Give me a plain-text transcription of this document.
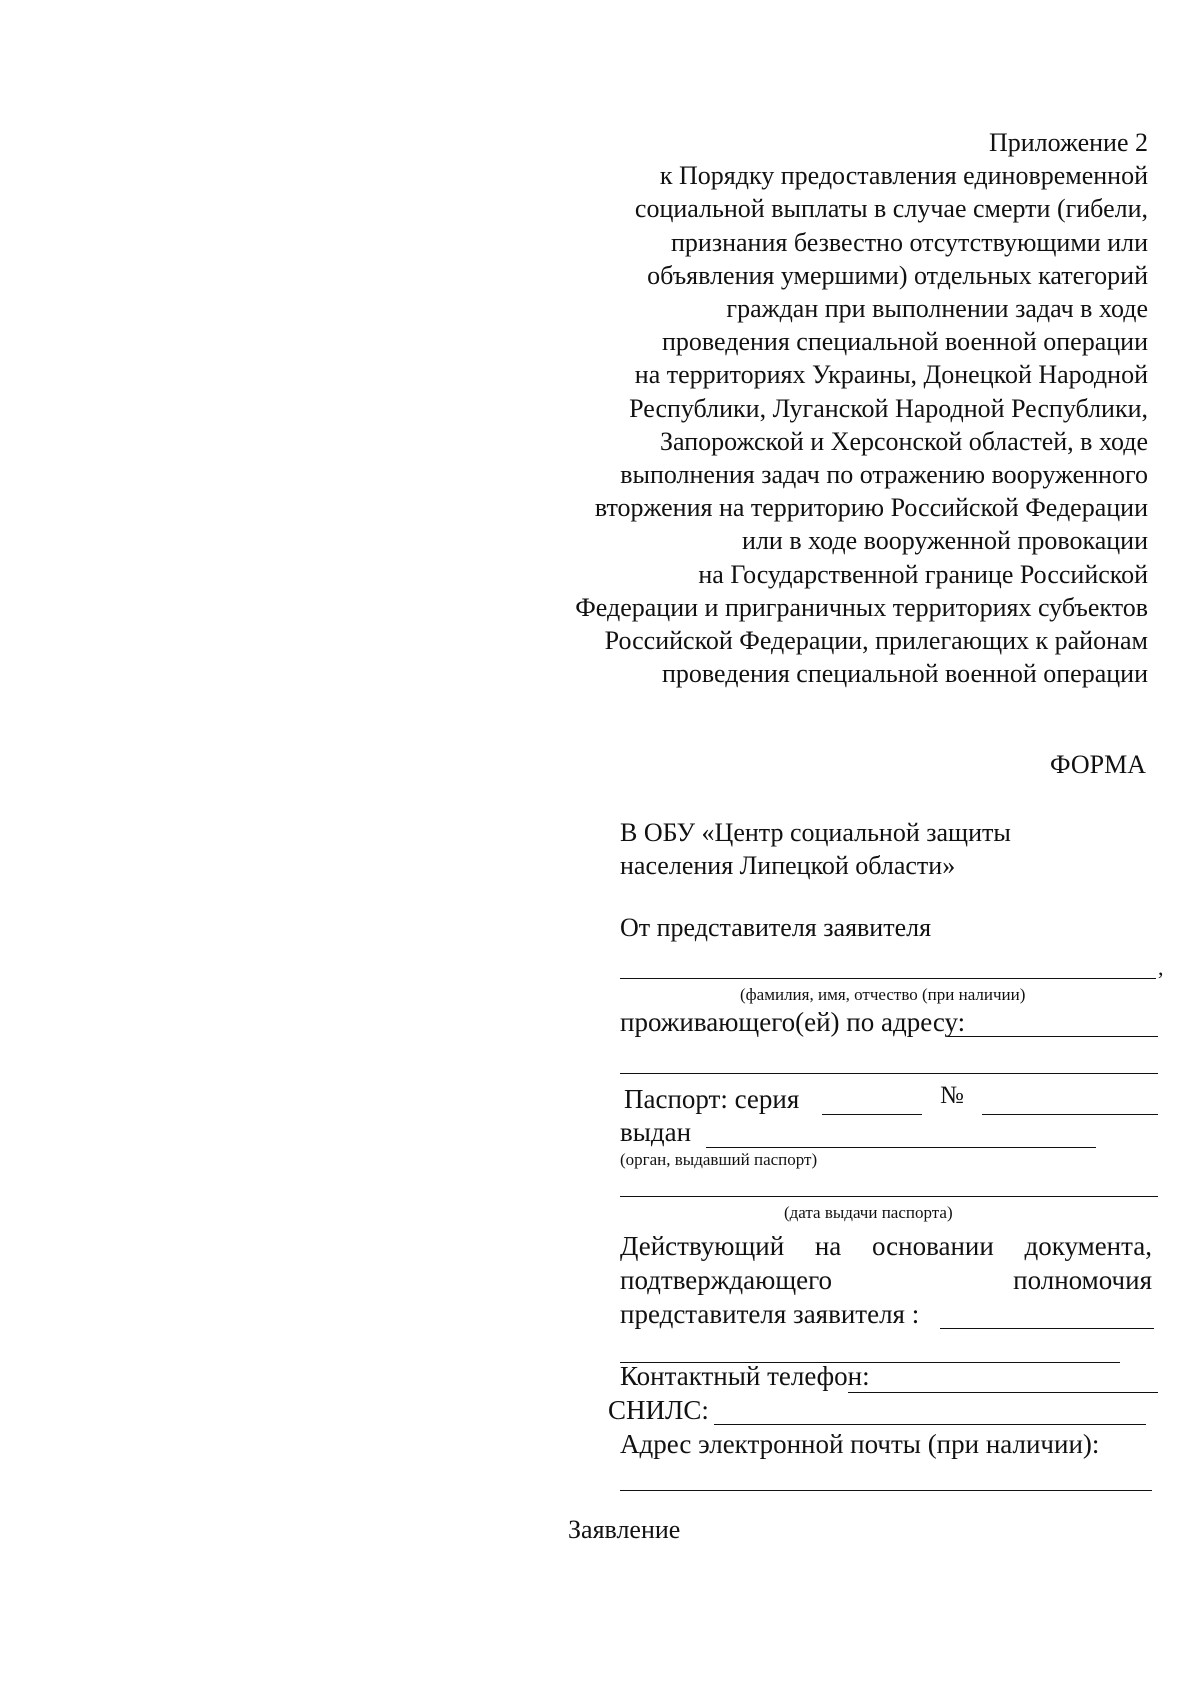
Приложение 2
к Порядку предоставления единовременной
социальной выплаты в случае смерти (гибели,
признания безвестно отсутствующими или
объявления умершими) отдельных категорий
граждан при выполнении задач в ходе
проведения специальной военной операции
на территориях Украины, Донецкой Народной
Республики, Луганской Народной Республики,
Запорожской и Херсонской областей, в ходе
выполнения задач по отражению вооруженного
вторжения на территорию Российской Федерации
или в ходе вооруженной провокации
на Государственной границе Российской
Федерации и приграничных территориях субъектов
Российской Федерации, прилегающих к районам
проведения специальной военной операции
ФОРМА
В ОБУ «Центр социальной защиты
населения Липецкой области»
От представителя заявителя
,
(фамилия, имя, отчество (при наличии)
проживающего(ей) по адресу:
Паспорт: серия	№
выдан
(орган, выдавший паспорт)
(дата выдачи паспорта)
Действующий на основании документа,
подтверждающего	полномочия
представителя заявителя :
Контактный телефон:
СНИЛС:
Адрес электронной почты (при наличии):
Заявление
